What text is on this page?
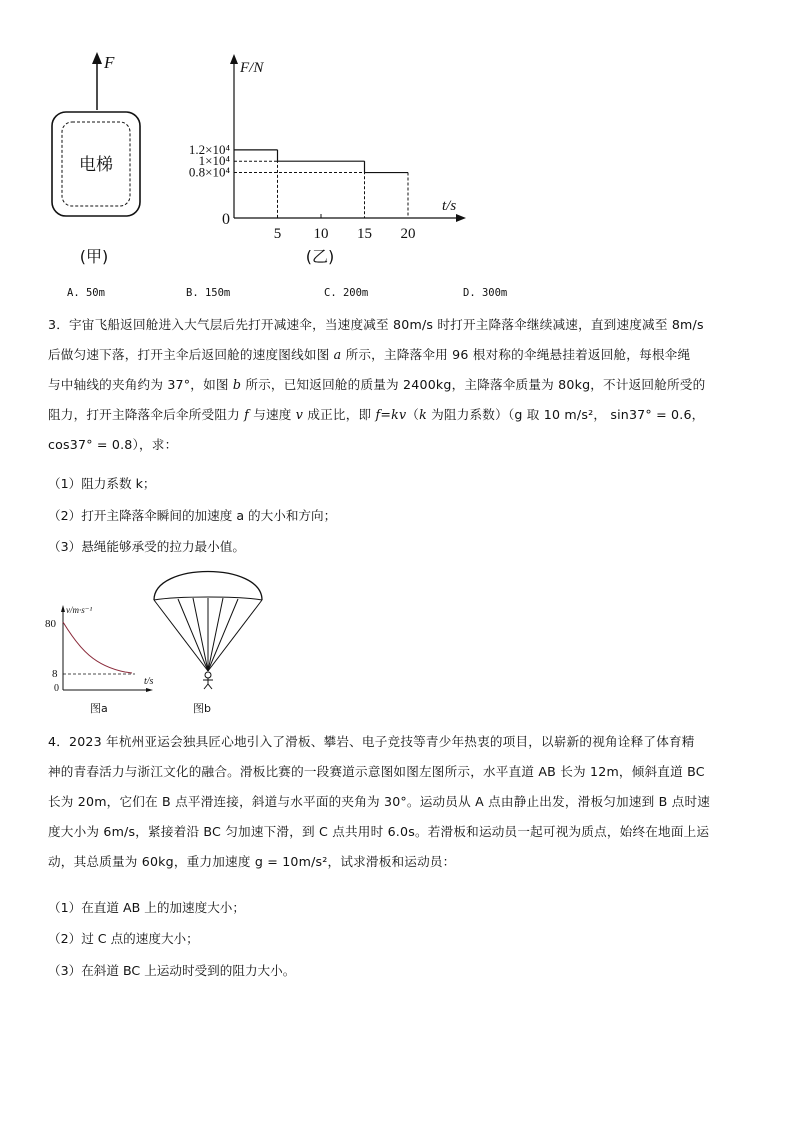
F
电梯
(甲)
F/N
t/s
0
5 10 15 20
1.2×10⁴
1×10⁴
0.8×10⁴
(乙)
A. 50m	B. 150m	C. 200m	D. 300m

3．宇宙飞船返回舱进入大气层后先打开减速伞，当速度减至 80m/s 时打开主降落伞继续减速，直到速度减至 8m/s

后做匀速下落，打开主伞后返回舱的速度图线如图 a 所示，主降落伞用 96 根对称的伞绳悬挂着返回舱，每根伞绳

与中轴线的夹角约为 37°，如图 b 所示，已知返回舱的质量为 2400kg，主降落伞质量为 80kg，不计返回舱所受的

阻力，打开主降落伞后伞所受阻力 f 与速度 v 成正比，即 f=kv（k 为阻力系数）（g 取 10 m/s²， sin37° = 0.6，

cos37° = 0.8），求：

（1）阻力系数 k；
（2）打开主降落伞瞬间的加速度 a 的大小和方向；
（3）悬绳能够承受的拉力最小值。
v/m·s⁻¹
80
8
0
t/s
图a	图b

4．2023 年杭州亚运会独具匠心地引入了滑板、攀岩、电子竞技等青少年热衷的项目，以崭新的视角诠释了体育精

神的青春活力与浙江文化的融合。滑板比赛的一段赛道示意图如图左图所示，水平直道 AB 长为 12m，倾斜直道 BC

长为 20m，它们在 B 点平滑连接，斜道与水平面的夹角为 30°。运动员从 A 点由静止出发，滑板匀加速到 B 点时速

度大小为 6m/s，紧接着沿 BC 匀加速下滑，到 C 点共用时 6.0s。若滑板和运动员一起可视为质点，始终在地面上运

动，其总质量为 60kg，重力加速度 g = 10m/s²，试求滑板和运动员：

（1）在直道 AB 上的加速度大小；
（2）过 C 点的速度大小；
（3）在斜道 BC 上运动时受到的阻力大小。
